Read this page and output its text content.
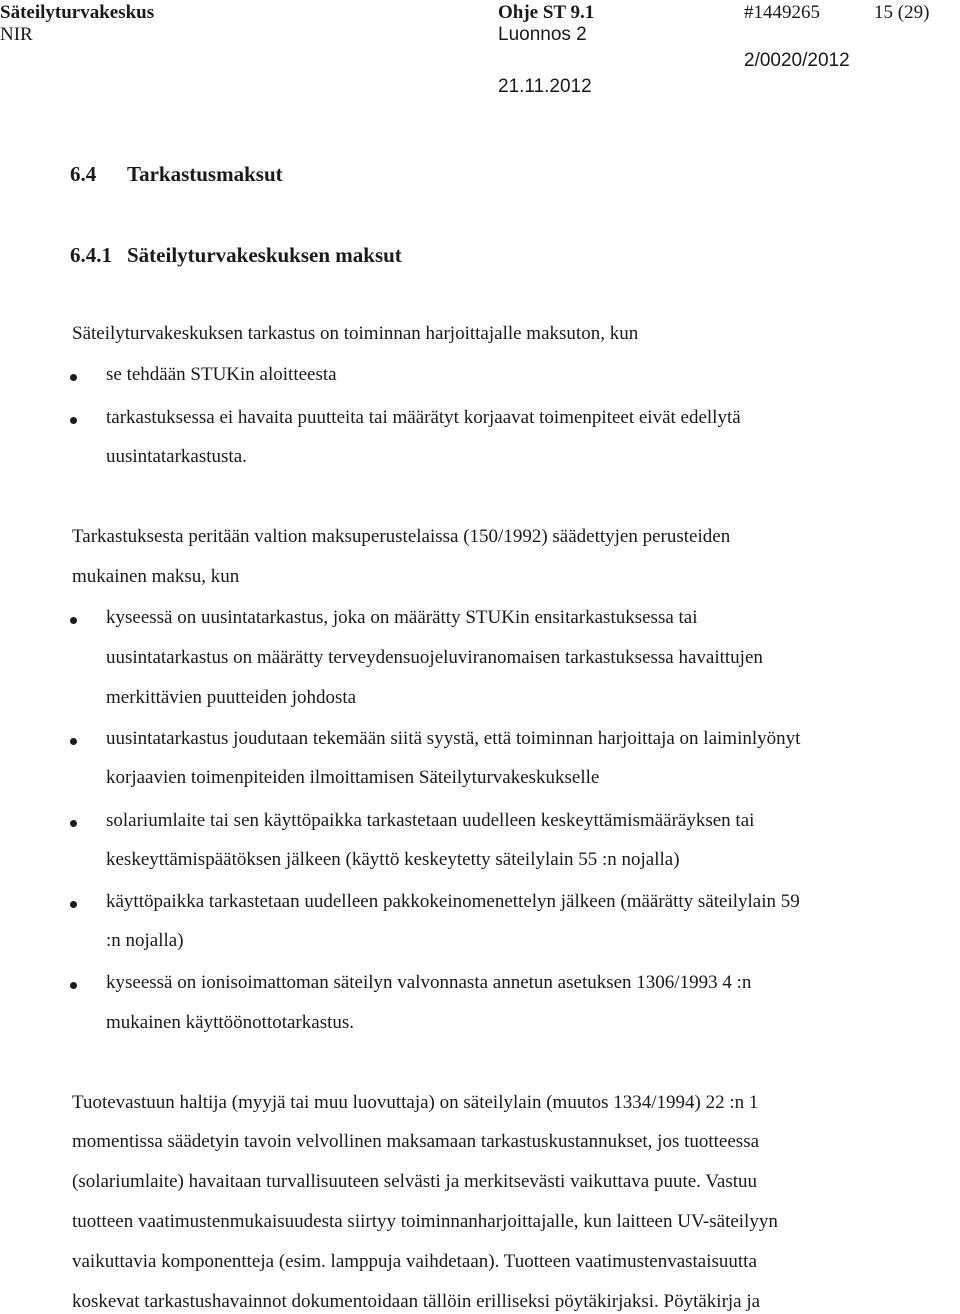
Säteilyturvakeskus	Ohje ST 9.1	#1449265	15 (29)
NIR	Luonnos 2
2/0020/2012
21.11.2012
6.4 Tarkastusmaksut
6.4.1 Säteilyturvakeskuksen maksut
Säteilyturvakeskuksen tarkastus on toiminnan harjoittajalle maksuton, kun
se tehdään STUKin aloitteesta
tarkastuksessa ei havaita puutteita tai määrätyt korjaavat toimenpiteet eivät edellytä
uusintatarkastusta.
Tarkastuksesta peritään valtion maksuperustelaissa (150/1992) säädettyjen perusteiden
mukainen maksu, kun
kyseessä on uusintatarkastus, joka on määrätty STUKin ensitarkastuksessa tai
uusintatarkastus on määrätty terveydensuojeluviranomaisen tarkastuksessa havaittujen
merkittävien puutteiden johdosta
uusintatarkastus joudutaan tekemään siitä syystä, että toiminnan harjoittaja on laiminlyönyt
korjaavien toimenpiteiden ilmoittamisen Säteilyturvakeskukselle
solariumlaite tai sen käyttöpaikka tarkastetaan uudelleen keskeyttämismääräyksen tai
keskeyttämispäätöksen jälkeen (käyttö keskeytetty säteilylain 55 :n nojalla)
käyttöpaikka tarkastetaan uudelleen pakkokeinomenettelyn jälkeen (määrätty säteilylain 59
:n nojalla)
kyseessä on ionisoimattoman säteilyn valvonnasta annetun asetuksen 1306/1993 4 :n
mukainen käyttöönottotarkastus.
Tuotevastuun haltija (myyjä tai muu luovuttaja) on säteilylain (muutos 1334/1994) 22 :n 1
momentissa säädetyin tavoin velvollinen maksamaan tarkastuskustannukset, jos tuotteessa
(solariumlaite) havaitaan turvallisuuteen selvästi ja merkitsevästi vaikuttava puute. Vastuu
tuotteen vaatimustenmukaisuudesta siirtyy toiminnanharjoittajalle, kun laitteen UV-säteilyyn
vaikuttavia komponentteja (esim. lamppuja vaihdetaan). Tuotteen vaatimustenvastaisuutta
koskevat tarkastushavainnot dokumentoidaan tällöin erilliseksi pöytäkirjaksi. Pöytäkirja ja
